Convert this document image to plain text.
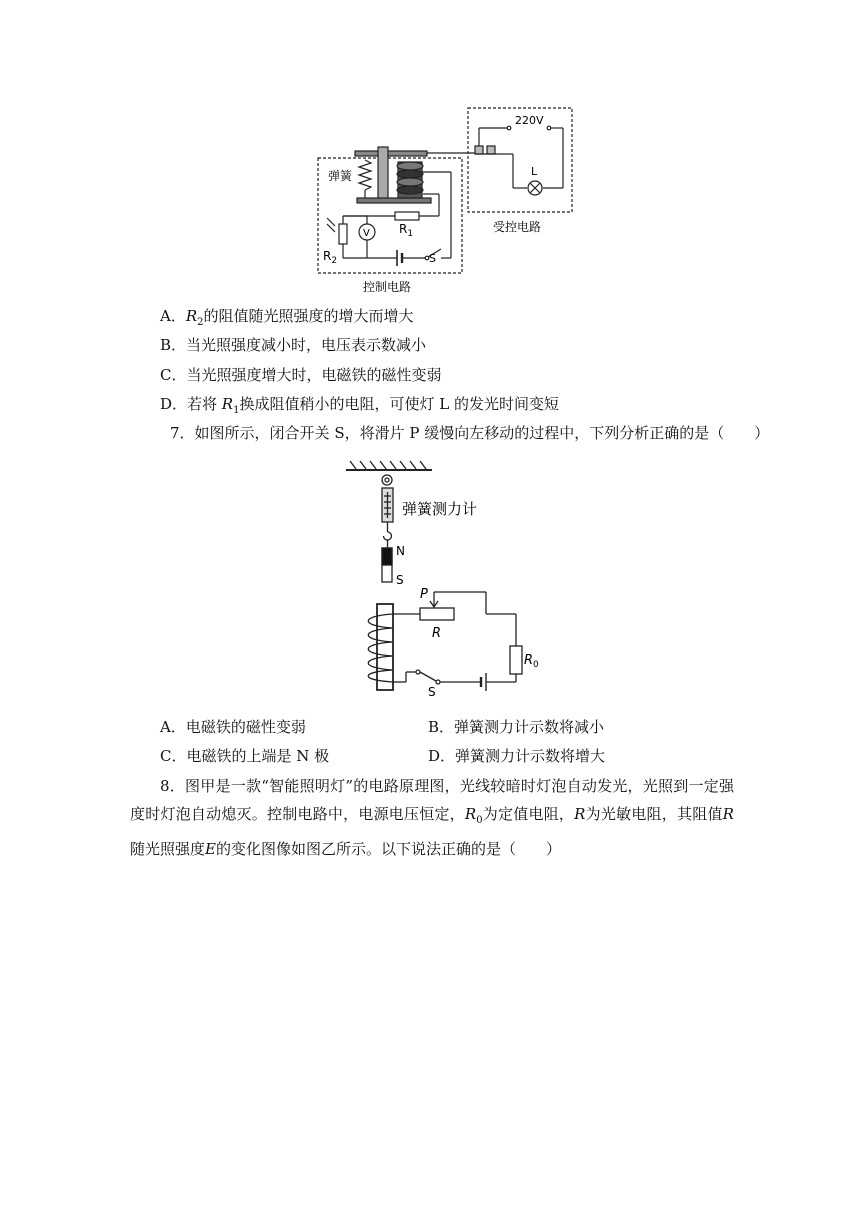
弹簧
$R_1$
$R_2$
V
S
220V
L
控制电路
受控电路
A．$R_2$的阻值随光照强度的增大而增大
B．当光照强度减小时，电压表示数减小
C．当光照强度增大时，电磁铁的磁性变弱
D．若将 $R_1$换成阻值稍小的电阻，可使灯 L 的发光时间变短
7．如图所示，闭合开关 S，将滑片 P 缓慢向左移动的过程中，下列分析正确的是（　　）
弹簧测力计
N
S
P
R
$R_0$
S
A．电磁铁的磁性变弱	B．弹簧测力计示数将减小
C．电磁铁的上端是 N 极	D．弹簧测力计示数将增大
8．图甲是一款“智能照明灯”的电路原理图，光线较暗时灯泡自动发光，光照到一定强度时灯泡自动熄灭。控制电路中，电源电压恒定，$R_0$为定值电阻，R为光敏电阻，其阻值R随光照强度E的变化图像如图乙所示。以下说法正确的是（　　）
